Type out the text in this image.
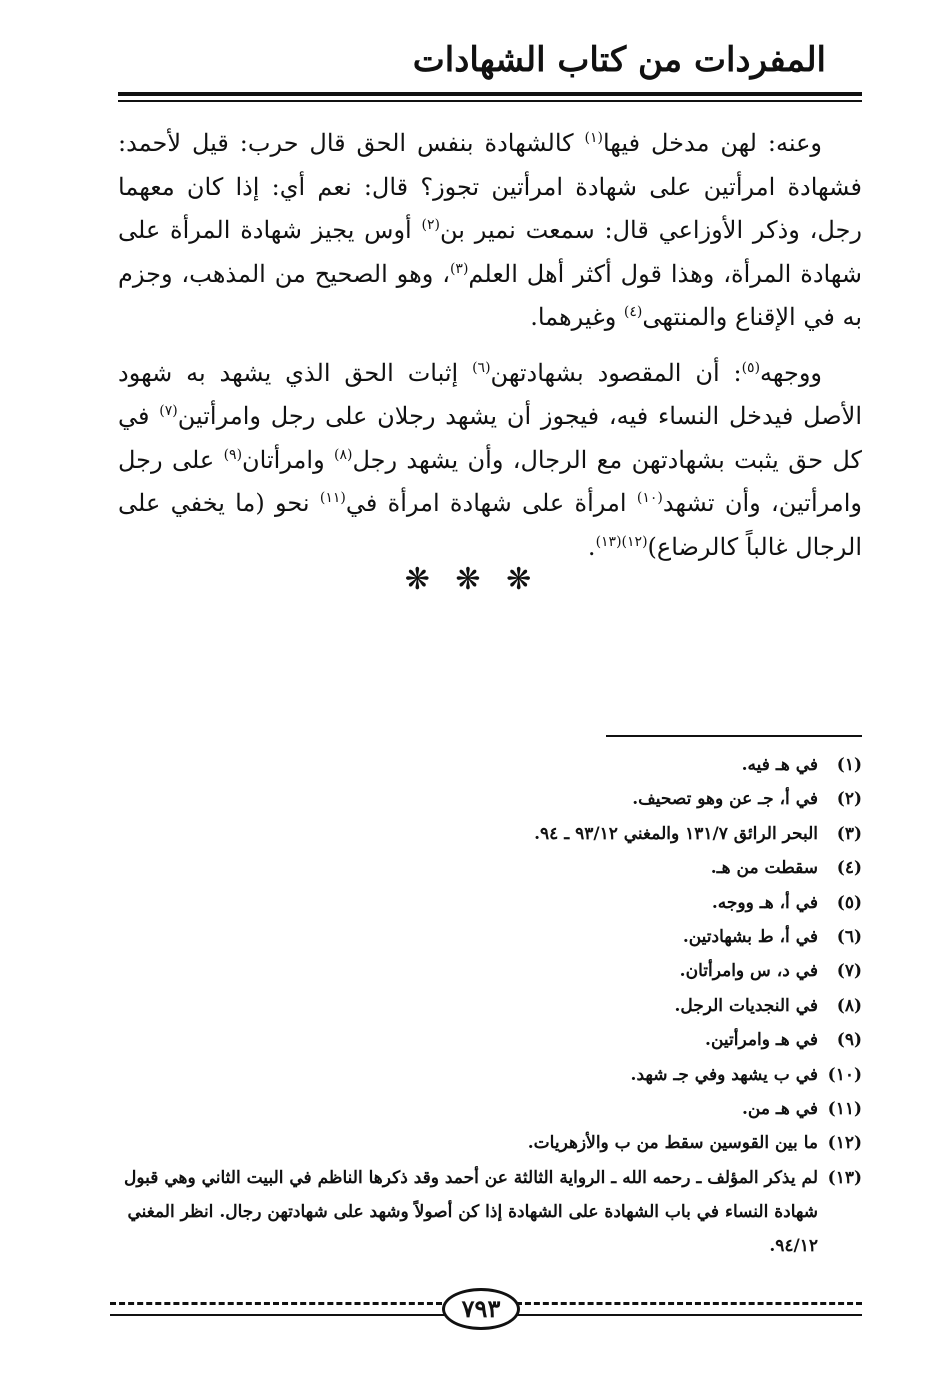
المفردات من كتاب الشهادات

وعنه: لهن مدخل فيها$^{(١)}$ كالشهادة بنفس الحق قال حرب: قيل لأحمد: فشهادة امرأتين على شهادة امرأتين تجوز؟ قال: نعم أي: إذا كان معهما رجل، وذكر الأوزاعي قال: سمعت نمير بن$^{(٢)}$ أوس يجيز شهادة المرأة على شهادة المرأة، وهذا قول أكثر أهل العلم$^{(٣)}$، وهو الصحيح من المذهب، وجزم به في الإقناع والمنتهى$^{(٤)}$ وغيرهما.

ووجهه$^{(٥)}$: أن المقصود بشهادتهن$^{(٦)}$ إثبات الحق الذي يشهد به شهود الأصل فيدخل النساء فيه، فيجوز أن يشهد رجلان على رجل وامرأتين$^{(٧)}$ في كل حق يثبت بشهادتهن مع الرجال، وأن يشهد رجل$^{(٨)}$ وامرأتان$^{(٩)}$ على رجل وامرأتين، وأن تشهد$^{(١٠)}$ امرأة على شهادة امرأة في$^{(١١)}$ نحو (ما يخفي على الرجال غالباً كالرضاع)$^{(١٢)(١٣)}$.

❋ ❋ ❋
(١)
في هـ فيه.
(٢)
في أ، جـ عن وهو تصحيف.
(٣)
البحر الرائق ١٣١/٧ والمغني ٩٣/١٢ ـ ٩٤.
(٤)
سقطت من هـ.
(٥)
في أ، هـ ووجه.
(٦)
في أ، ط بشهادتين.
(٧)
في د، س وامرأتان.
(٨)
في النجديات الرجل.
(٩)
في هـ وامرأتين.
(١٠)
في ب يشهد وفي جـ شهد.
(١١)
في هـ من.
(١٢)
ما بين القوسين سقط من ب والأزهريات.
(١٣)
لم يذكر المؤلف ـ رحمه الله ـ الرواية الثالثة عن أحمد وقد ذكرها الناظم في البيت الثاني وهي قبول شهادة النساء في باب الشهادة على الشهادة إذا كن أصولاً وشهد على شهادتهن رجال. انظر المغني ٩٤/١٢.
٧٩٣
